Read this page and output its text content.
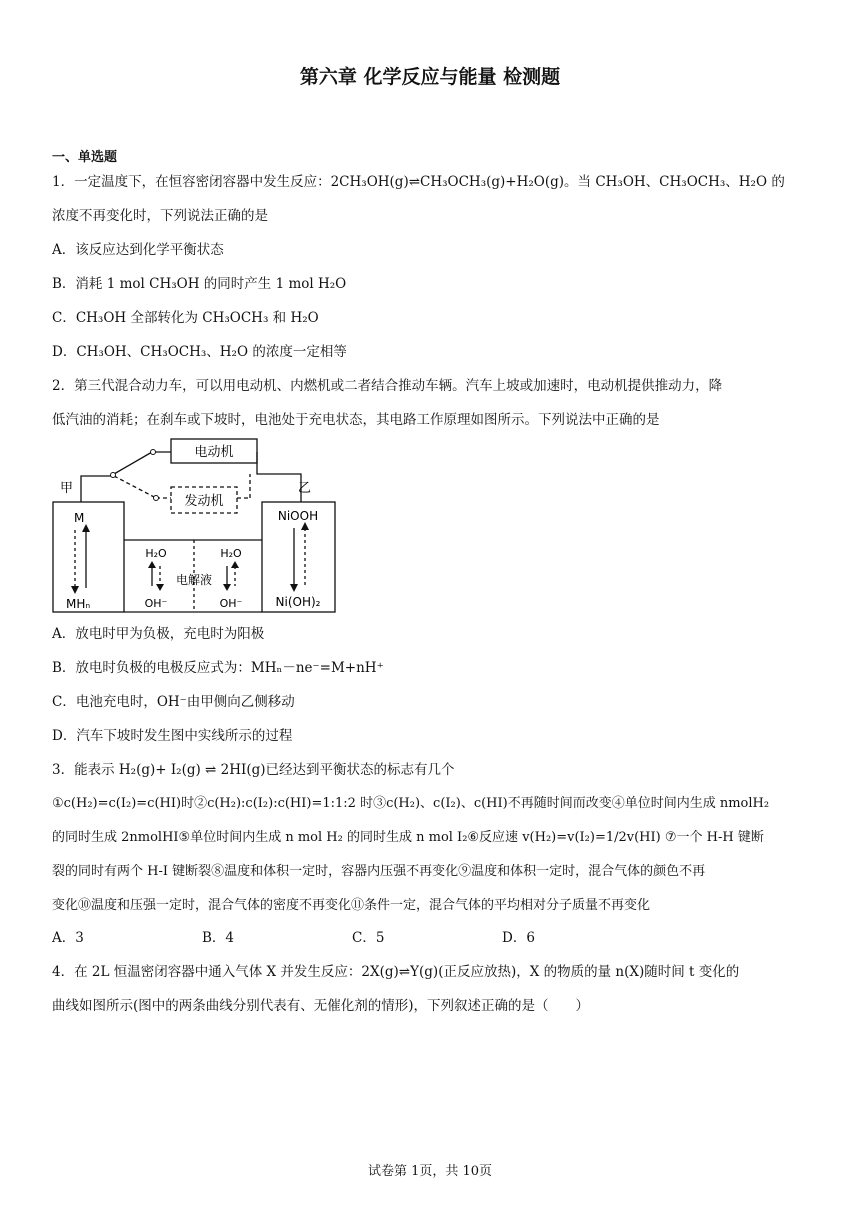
第六章 化学反应与能量 检测题
一、单选题
1．一定温度下，在恒容密闭容器中发生反应：2CH₃OH(g)⇌CH₃OCH₃(g)+H₂O(g)。当 CH₃OH、CH₃OCH₃、H₂O 的
浓度不再变化时，下列说法正确的是
A．该反应达到化学平衡状态
B．消耗 1 mol CH₃OH 的同时产生 1 mol H₂O
C．CH₃OH 全部转化为 CH₃OCH₃ 和 H₂O
D．CH₃OH、CH₃OCH₃、H₂O 的浓度一定相等
2．第三代混合动力车，可以用电动机、内燃机或二者结合推动车辆。汽车上坡或加速时，电动机提供推动力，降
低汽油的消耗；在刹车或下坡时，电池处于充电状态，其电路工作原理如图所示。下列说法中正确的是
电动机
发动机
甲	乙
M
MHₙ
NiOOH
Ni(OH)₂
H₂O	H₂O
OH⁻	OH⁻
电解液
A．放电时甲为负极，充电时为阳极
B．放电时负极的电极反应式为：MHₙ－ne⁻=M+nH⁺
C．电池充电时，OH⁻由甲侧向乙侧移动
D．汽车下坡时发生图中实线所示的过程
3．能表示 H₂(g)+ I₂(g) ⇌ 2HI(g)已经达到平衡状态的标志有几个
①c(H₂)=c(I₂)=c(HI)时②c(H₂):c(I₂):c(HI)=1:1:2 时③c(H₂)、c(I₂)、c(HI)不再随时间而改变④单位时间内生成 nmolH₂
的同时生成 2nmolHI⑤单位时间内生成 n mol H₂ 的同时生成 n mol I₂⑥反应速 v(H₂)=v(I₂)=1/2v(HI) ⑦一个 H-H 键断
裂的同时有两个 H-I 键断裂⑧温度和体积一定时，容器内压强不再变化⑨温度和体积一定时，混合气体的颜色不再
变化⑩温度和压强一定时，混合气体的密度不再变化⑪条件一定，混合气体的平均相对分子质量不再变化
A．3	B．4	C．5	D．6
4．在 2L 恒温密闭容器中通入气体 X 并发生反应：2X(g)⇌Y(g)(正反应放热)，X 的物质的量 n(X)随时间 t 变化的
曲线如图所示(图中的两条曲线分别代表有、无催化剂的情形)，下列叙述正确的是（　　）
试卷第 1页，共 10页
